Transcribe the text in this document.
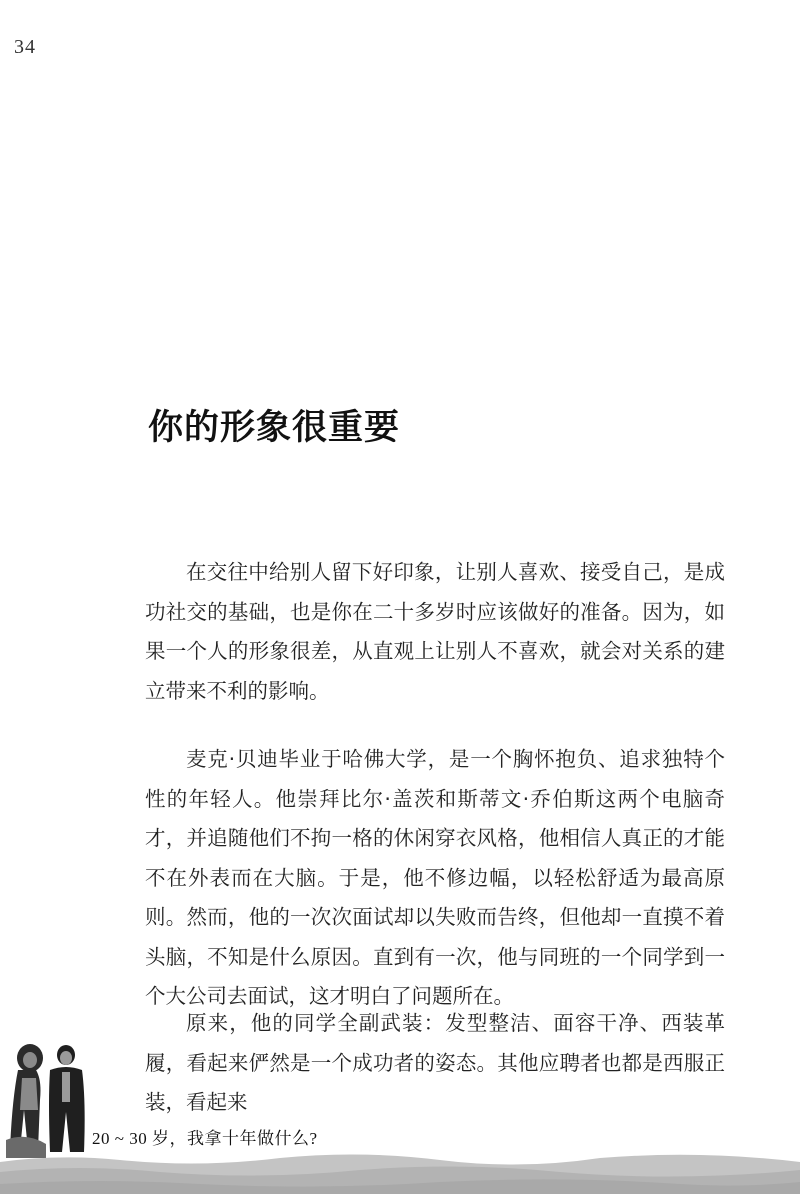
34
你的形象很重要

在交往中给别人留下好印象，让别人喜欢、接受自己，是成功社交的基础，也是你在二十多岁时应该做好的准备。因为，如果一个人的形象很差，从直观上让别人不喜欢，就会对关系的建立带来不利的影响。

麦克·贝迪毕业于哈佛大学，是一个胸怀抱负、追求独特个性的年轻人。他崇拜比尔·盖茨和斯蒂文·乔伯斯这两个电脑奇才，并追随他们不拘一格的休闲穿衣风格，他相信人真正的才能不在外表而在大脑。于是，他不修边幅，以轻松舒适为最高原则。然而，他的一次次面试却以失败而告终，但他却一直摸不着头脑，不知是什么原因。直到有一次，他与同班的一个同学到一个大公司去面试，这才明白了问题所在。

原来，他的同学全副武装：发型整洁、面容干净、西装革履，看起来俨然是一个成功者的姿态。其他应聘者也都是西服正装，看起来

20 ~ 30 岁，我拿十年做什么?
